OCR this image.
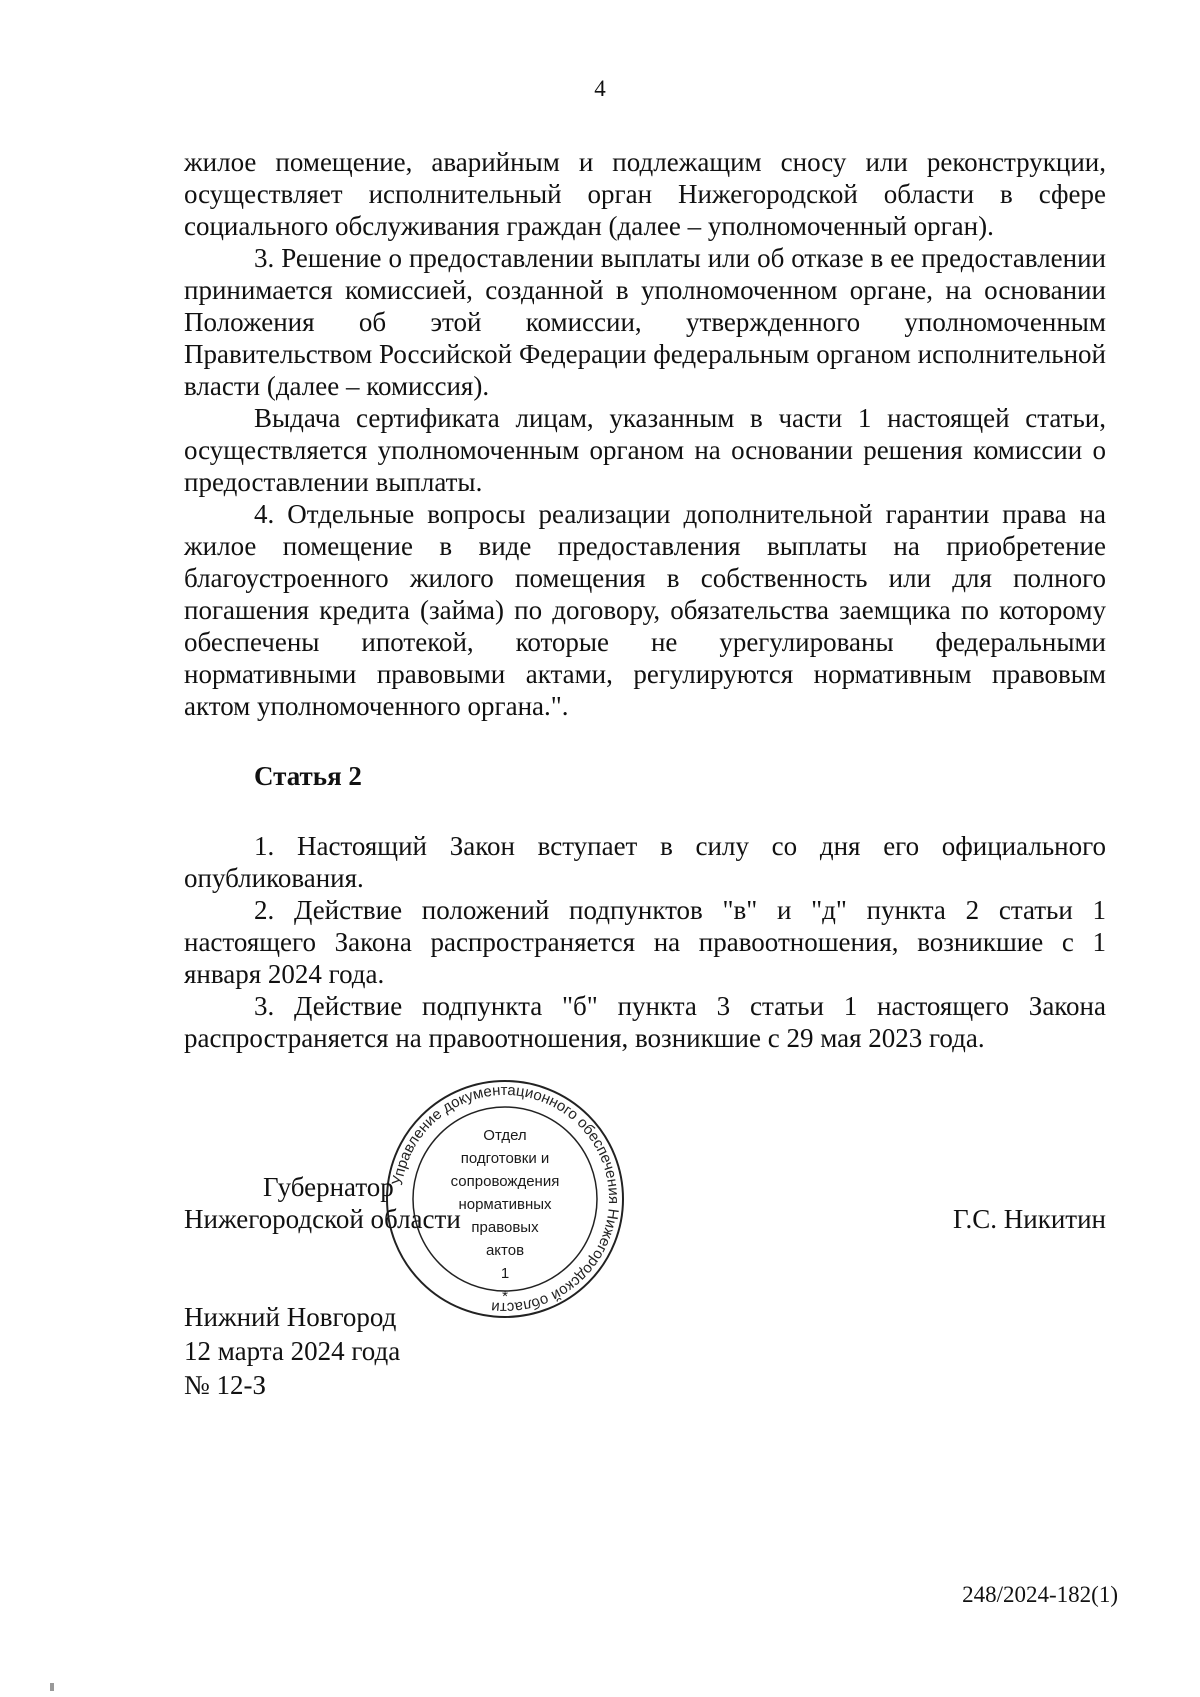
4

жилое помещение, аварийным и подлежащим сносу или реконструкции, осуществляет исполнительный орган Нижегородской области в сфере социального обслуживания граждан (далее – уполномоченный орган).

3. Решение о предоставлении выплаты или об отказе в ее предоставлении принимается комиссией, созданной в уполномоченном органе, на основании Положения об этой комиссии, утвержденного уполномоченным Правительством Российской Федерации федеральным органом исполнительной власти (далее – комиссия).

Выдача сертификата лицам, указанным в части 1 настоящей статьи, осуществляется уполномоченным органом на основании решения комиссии о предоставлении выплаты.

4. Отдельные вопросы реализации дополнительной гарантии права на жилое помещение в виде предоставления выплаты на приобретение благоустроенного жилого помещения в собственность или для полного погашения кредита (займа) по договору, обязательства заемщика по которому обеспечены ипотекой, которые не урегулированы федеральными нормативными правовыми актами, регулируются нормативным правовым актом уполномоченного органа.".

Статья 2

1. Настоящий Закон вступает в силу со дня его официального опубликования.

2. Действие положений подпунктов "в" и "д" пункта 2 статьи 1 настоящего Закона распространяется на правоотношения, возникшие с 1 января 2024 года.

3. Действие подпункта "б" пункта 3 статьи 1 настоящего Закона распространяется на правоотношения, возникшие с 29 мая 2023 года.

Управление документационного обеспечения Нижегородской области
Отдел
подготовки и
сопровождения
нормативных
правовых
актов
1
*
Губернатор
Нижегородской области	Г.С. Никитин
Нижний Новгород
12 марта 2024 года
№ 12-З
248/2024-182(1)
